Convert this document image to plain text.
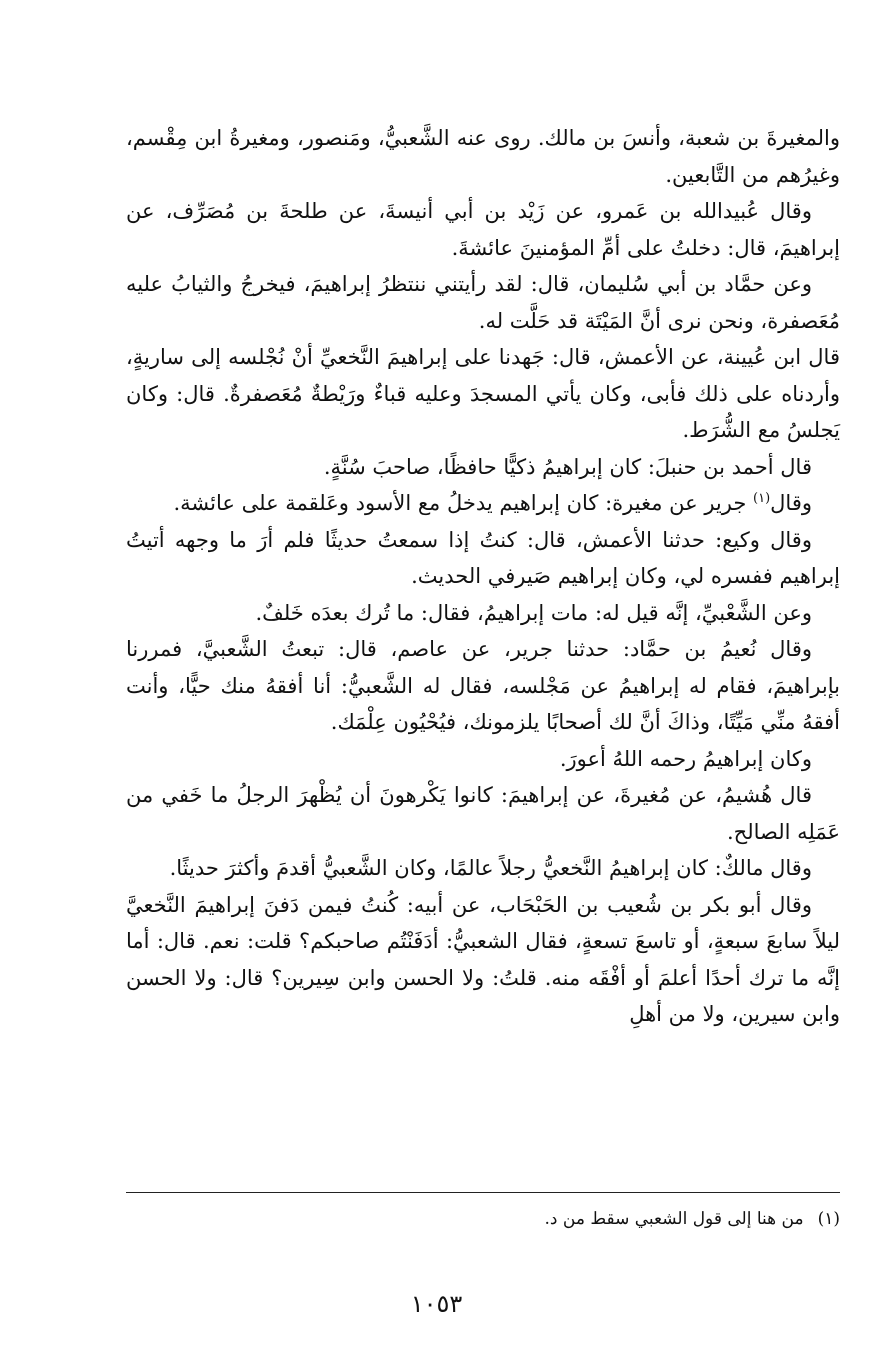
والمغيرةَ بن شعبة، وأنسَ بن مالك. روى عنه الشَّعبيُّ، ومَنصور، ومغيرةُ ابن مِقْسم، وغيرُهم من التَّابعين.

وقال عُبيدالله بن عَمرو، عن زَيْد بن أبي أنيسةَ، عن طلحةَ بن مُصَرِّف، عن إبراهيمَ، قال: دخلتُ على أمِّ المؤمنينَ عائشةَ.

وعن حمَّاد بن أبي سُليمان، قال: لقد رأيتني ننتظرُ إبراهيمَ، فيخرجُ والثيابُ عليه مُعَصفرة، ونحن نرى أنَّ المَيْتَة قد حَلَّت له.

قال ابن عُيينة، عن الأعمش، قال: جَهدنا على إبراهيمَ النَّخعيِّ أنْ نُجْلسه إلى ساريةٍ، وأردناه على ذلك فأبى، وكان يأتي المسجدَ وعليه قباءٌ ورَيْطةٌ مُعَصفرةٌ. قال: وكان يَجلسُ مع الشُّرَط.

قال أحمد بن حنبلَ: كان إبراهيمُ ذكيًّا حافظًا، صاحبَ سُنَّةٍ.

وقال$^{(١)}$ جرير عن مغيرة: كان إبراهيم يدخلُ مع الأسود وعَلقمة على عائشة.

وقال وكيع: حدثنا الأعمش، قال: كنتُ إذا سمعتُ حديثًا فلم أرَ ما وجهه أتيتُ إبراهيم ففسره لي، وكان إبراهيم صَيرفي الحديث.

وعن الشَّعْبيِّ، إنَّه قيل له: مات إبراهيمُ، فقال: ما تُرك بعدَه خَلفٌ.

وقال نُعيمُ بن حمَّاد: حدثنا جرير، عن عاصم، قال: تبعتُ الشَّعبيَّ، فمررنا بإبراهيمَ، فقام له إبراهيمُ عن مَجْلسه، فقال له الشَّعبيُّ: أنا أفقهُ منك حيًّا، وأنت أفقهُ منِّي مَيِّتًا، وذاكَ أنَّ لك أصحابًا يلزمونك، فيُحْيُون عِلْمَك.

وكان إبراهيمُ رحمه اللهُ أعورَ.

قال هُشيمُ، عن مُغيرةَ، عن إبراهيمَ: كانوا يَكْرهونَ أن يُظْهرَ الرجلُ ما خَفي من عَمَلِه الصالح.

وقال مالكٌ: كان إبراهيمُ النَّخعيُّ رجلاً عالمًا، وكان الشَّعبيُّ أقدمَ وأكثرَ حديثًا.

وقال أبو بكر بن شُعيب بن الحَبْحَاب، عن أبيه: كُنتُ فيمن دَفنَ إبراهيمَ النَّخعيَّ ليلاً سابعَ سبعةٍ، أو تاسعَ تسعةٍ، فقال الشعبيُّ: أدَفَنْتُم صاحبكم؟ قلت: نعم. قال: أما إنَّه ما ترك أحدًا أعلمَ أو أفْقَه منه. قلتُ: ولا الحسن وابن سِيرين؟ قال: ولا الحسن وابن سيرين، ولا من أهلِ

(١)من هنا إلى قول الشعبي سقط من د.

١٠٥٣
